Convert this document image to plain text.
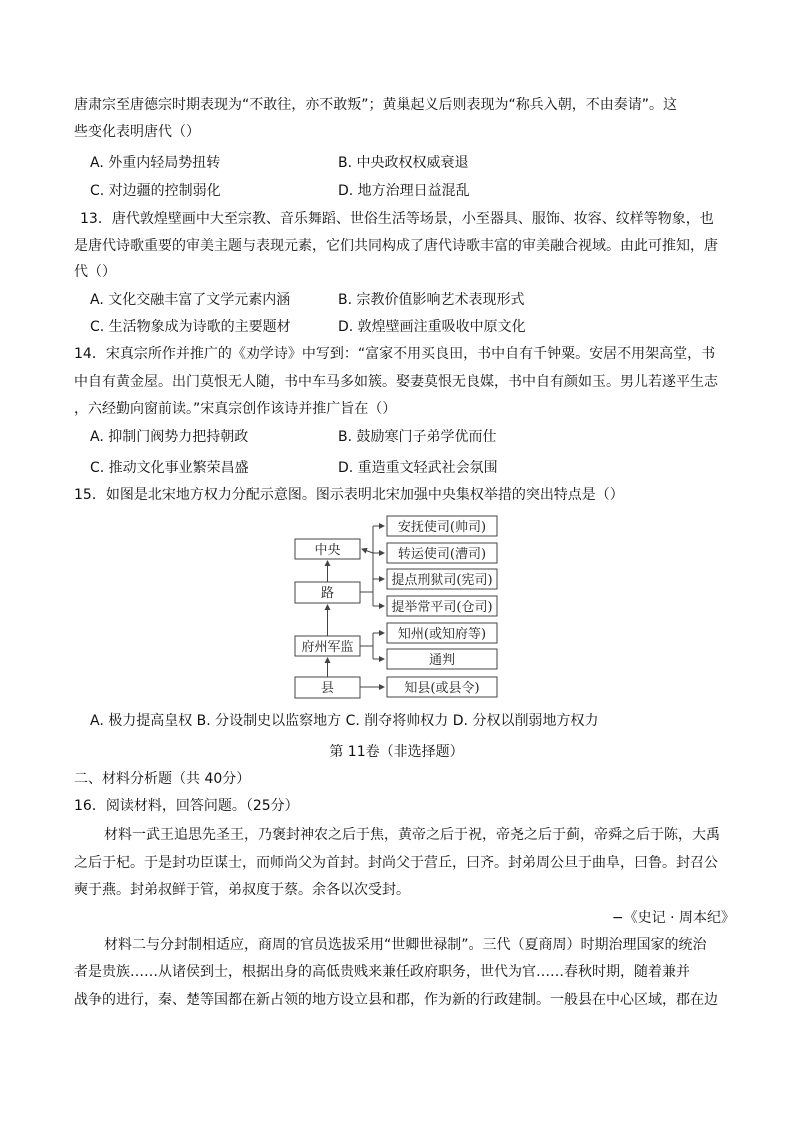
唐肃宗至唐德宗时期表现为“不敢往，亦不敢叛”；黄巢起义后则表现为“称兵入朝，不由奏请”。这
些变化表明唐代（）
A. 外重内轻局势扭转	B. 中央政权权威衰退
C. 对边疆的控制弱化	D. 地方治理日益混乱
13．唐代敦煌壁画中大至宗教、音乐舞蹈、世俗生活等场景，小至器具、服饰、妆容、纹样等物象，也
是唐代诗歌重要的审美主题与表现元素，它们共同构成了唐代诗歌丰富的审美融合视域。由此可推知，唐
代（）
A. 文化交融丰富了文学元素内涵	B. 宗教价值影响艺术表现形式
C. 生活物象成为诗歌的主要题材	D. 敦煌壁画注重吸收中原文化
14．宋真宗所作并推广的《劝学诗》中写到：“富家不用买良田，书中自有千钟粟。安居不用架高堂，书
中自有黄金屋。出门莫恨无人随，书中车马多如簇。娶妻莫恨无良媒，书中自有颜如玉。男儿若遂平生志
，六经勤向窗前读。”宋真宗创作该诗并推广旨在（）
A. 抑制门阀势力把持朝政	B. 鼓励寒门子弟学优而仕
C. 推动文化事业繁荣昌盛	D. 重造重文轻武社会氛围
15．如图是北宋地方权力分配示意图。图示表明北宋加强中央集权举措的突出特点是（）
中央
路
府州军监
县
安抚使司(帅司)
转运使司(漕司)
提点刑狱司(宪司)
提举常平司(仓司)
知州(或知府等)
通判
知县(或县令)
A. 极力提高皇权 B. 分设制史以监察地方 C. 削夺将帅权力 D. 分权以削弱地方权力
第 11卷（非选择题）
二、材料分析题（共 40分）
16．阅读材料，回答问题。（25分）
材料一武王追思先圣王，乃褒封神农之后于焦，黄帝之后于祝，帝尧之后于蓟，帝舜之后于陈，大禹
之后于杞。于是封功臣谋士，而师尚父为首封。封尚父于营丘，曰齐。封弟周公旦于曲阜，曰鲁。封召公
奭于燕。封弟叔鲜于管，弟叔度于蔡。余各以次受封。
−《史记 · 周本纪》
材料二与分封制相适应，商周的官员选拔采用“世卿世禄制”。三代（夏商周）时期治理国家的统治
者是贵族……从诸侯到士，根据出身的高低贵贱来兼任政府职务，世代为官……春秋时期，随着兼并
战争的进行，秦、楚等国都在新占领的地方设立县和郡，作为新的行政建制。一般县在中心区域，郡在边
